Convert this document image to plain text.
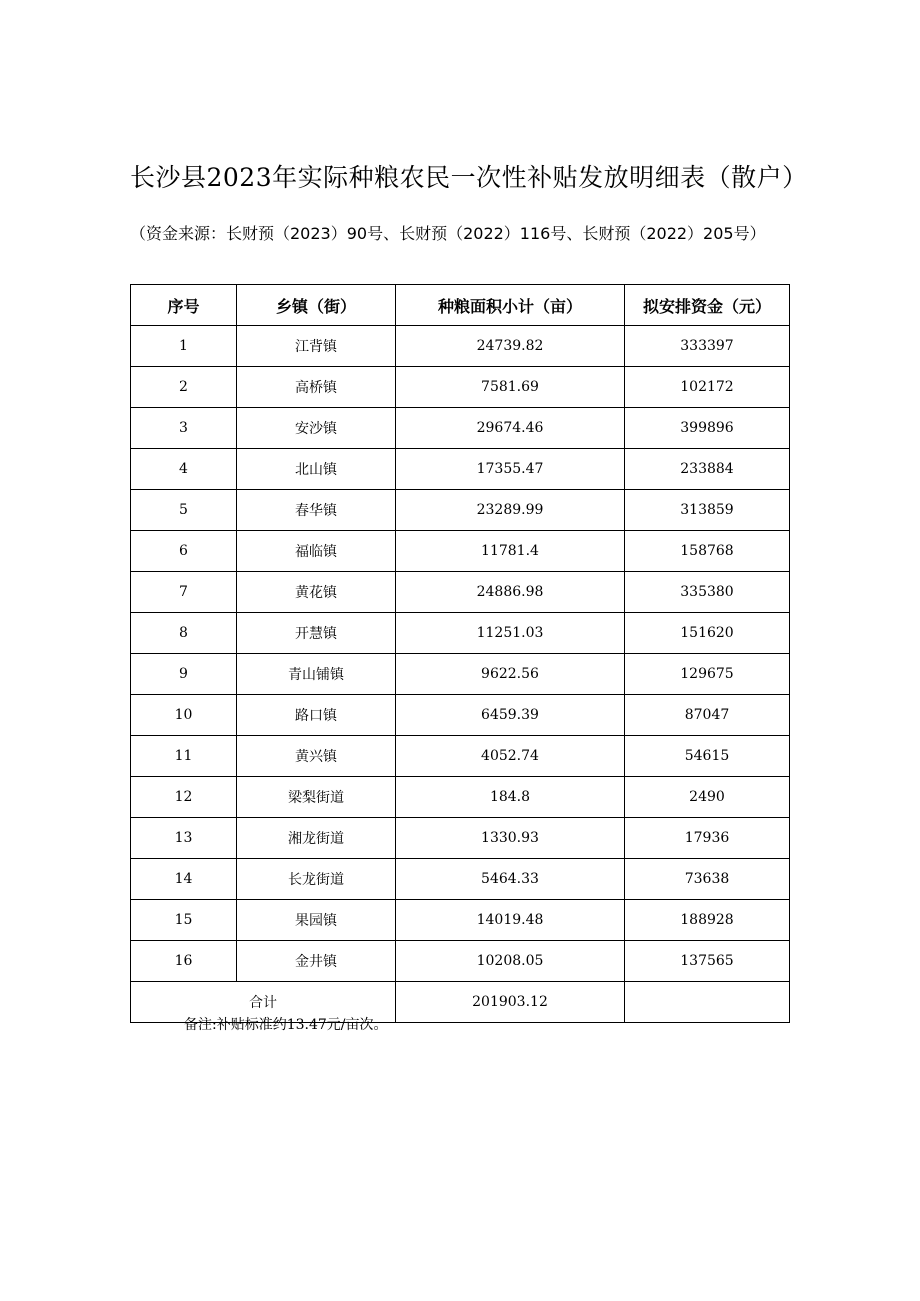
长沙县2023年实际种粮农民一次性补贴发放明细表（散户）
（资金来源：长财预（2023）90号、长财预（2022）116号、长财预（2022）205号）
序号	乡镇（街）	种粮面积小计（亩）	拟安排资金（元）
1	江背镇	24739.82	333397
2	高桥镇	7581.69	102172
3	安沙镇	29674.46	399896
4	北山镇	17355.47	233884
5	春华镇	23289.99	313859
6	福临镇	11781.4	158768
7	黄花镇	24886.98	335380
8	开慧镇	11251.03	151620
9	青山铺镇	9622.56	129675
10	路口镇	6459.39	87047
11	黄兴镇	4052.74	54615
12	梁梨街道	184.8	2490
13	湘龙街道	1330.93	17936
14	长龙街道	5464.33	73638
15	果园镇	14019.48	188928
16	金井镇	10208.05	137565
合计		201903.12	
备注:补贴标准约13.47元/亩次。
